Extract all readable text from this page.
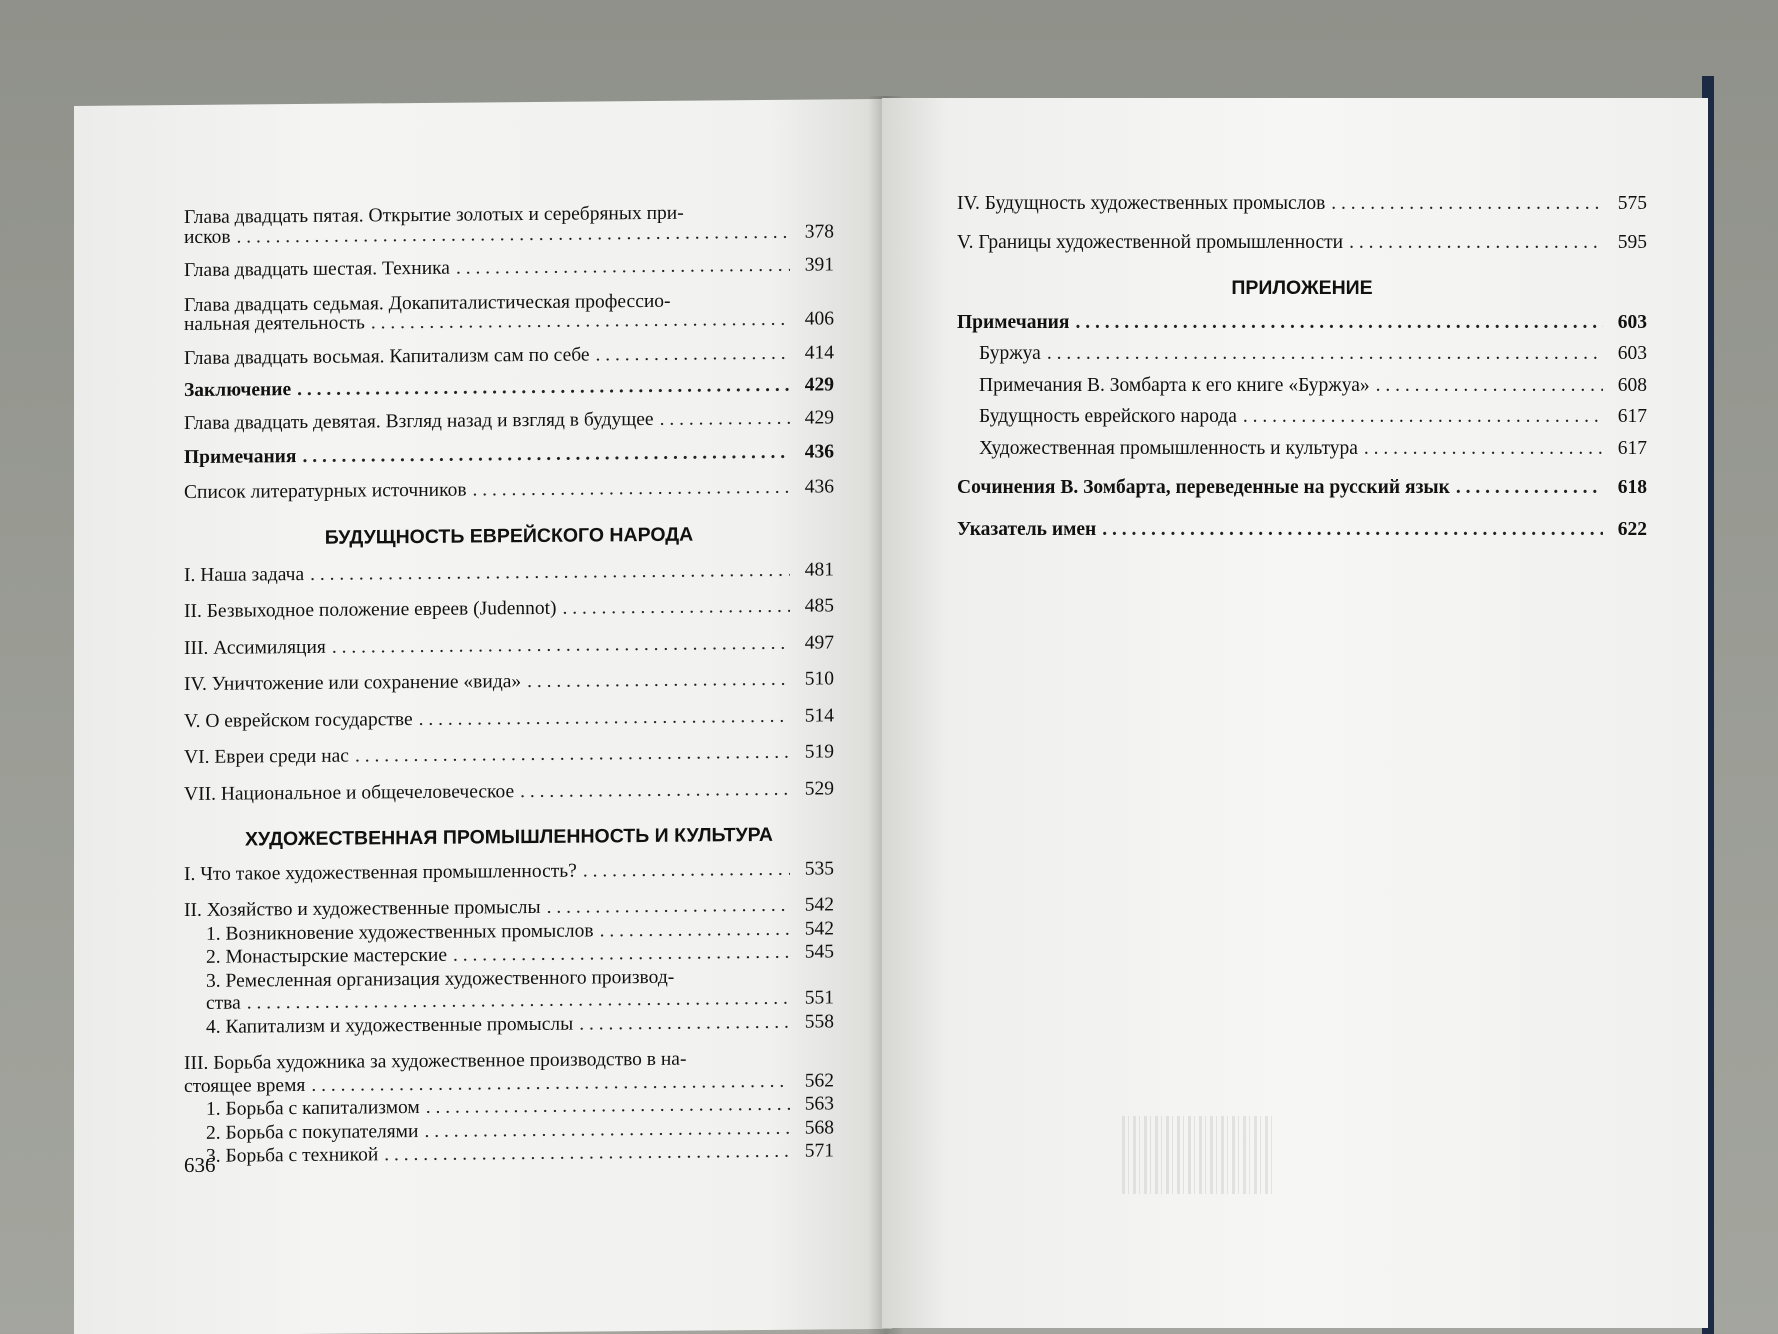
Глава двадцать пятая. Открытие золотых и серебряных при-
исков . . .	378
Глава двадцать шестая. Техника . . .	391
Глава двадцать седьмая. Докапиталистическая профессио-
нальная деятельность . . .	406
Глава двадцать восьмая. Капитализм сам по себе . . .	414
Заключение . . .	429
Глава двадцать девятая. Взгляд назад и взгляд в будущее . . .	429
Примечания . . .	436
Список литературных источников . . .	436
БУДУЩНОСТЬ ЕВРЕЙСКОГО НАРОДА
I. Наша задача . . .	481
II. Безвыходное положение евреев (Judennot) . . .	485
III. Ассимиляция . . .	497
IV. Уничтожение или сохранение «вида» . . .	510
V. О еврейском государстве . . .	514
VI. Евреи среди нас . . .	519
VII. Национальное и общечеловеческое . . .	529
ХУДОЖЕСТВЕННАЯ ПРОМЫШЛЕННОСТЬ И КУЛЬТУРА
I. Что такое художественная промышленность? . . .	535
II. Хозяйство и художественные промыслы . . .	542
1. Возникновение художественных промыслов . . .	542
2. Монастырские мастерские . . .	545
3. Ремесленная организация художественного производ-
ства . . .	551
4. Капитализм и художественные промыслы . . .	558
III. Борьба художника за художественное производство в на-
стоящее время . . .	562
1. Борьба с капитализмом . . .	563
2. Борьба с покупателями . . .	568
3. Борьба с техникой . . .	571
636
IV. Будущность художественных промыслов . . .	575
V. Границы художественной промышленности . . .	595
ПРИЛОЖЕНИЕ
Примечания . . .	603
Буржуа . . .	603
Примечания В. Зомбарта к его книге «Буржуа» . . .	608
Будущность еврейского народа . . .	617
Художественная промышленность и культура . . .	617
Сочинения В. Зомбарта, переведенные на русский язык . . .	618
Указатель имен . . .	622
